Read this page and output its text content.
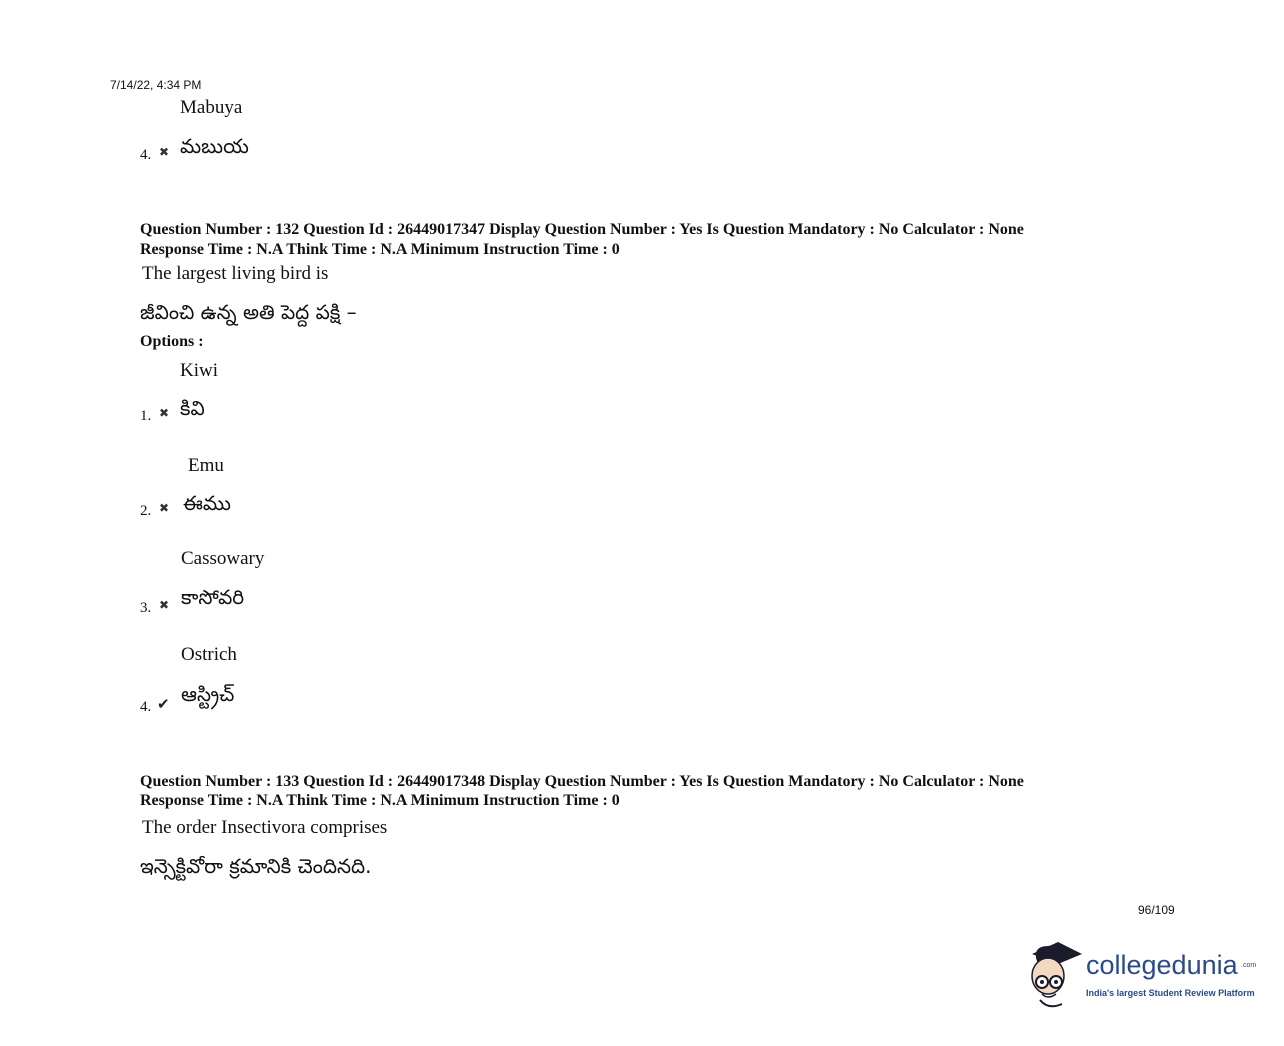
7/14/22, 4:34 PM
Mabuya
4. ✖ మబుయ
Question Number : 132 Question Id : 26449017347 Display Question Number : Yes Is Question Mandatory : No Calculator : None
Response Time : N.A Think Time : N.A Minimum Instruction Time : 0
The largest living bird is
జీవించి ఉన్న అతి పెద్ద పక్షి –
Options :
Kiwi
1. ✖ కివి
Emu
2. ✖ ఈము
Cassowary
3. ✖ కాసోవరి
Ostrich
4. ✔ ఆస్ట్రిచ్
Question Number : 133 Question Id : 26449017348 Display Question Number : Yes Is Question Mandatory : No Calculator : None
Response Time : N.A Think Time : N.A Minimum Instruction Time : 0
The order Insectivora comprises
ఇన్సెక్టివోరా క్రమానికి చెందినది.
96/109
collegedunia .com
India's largest Student Review Platform
